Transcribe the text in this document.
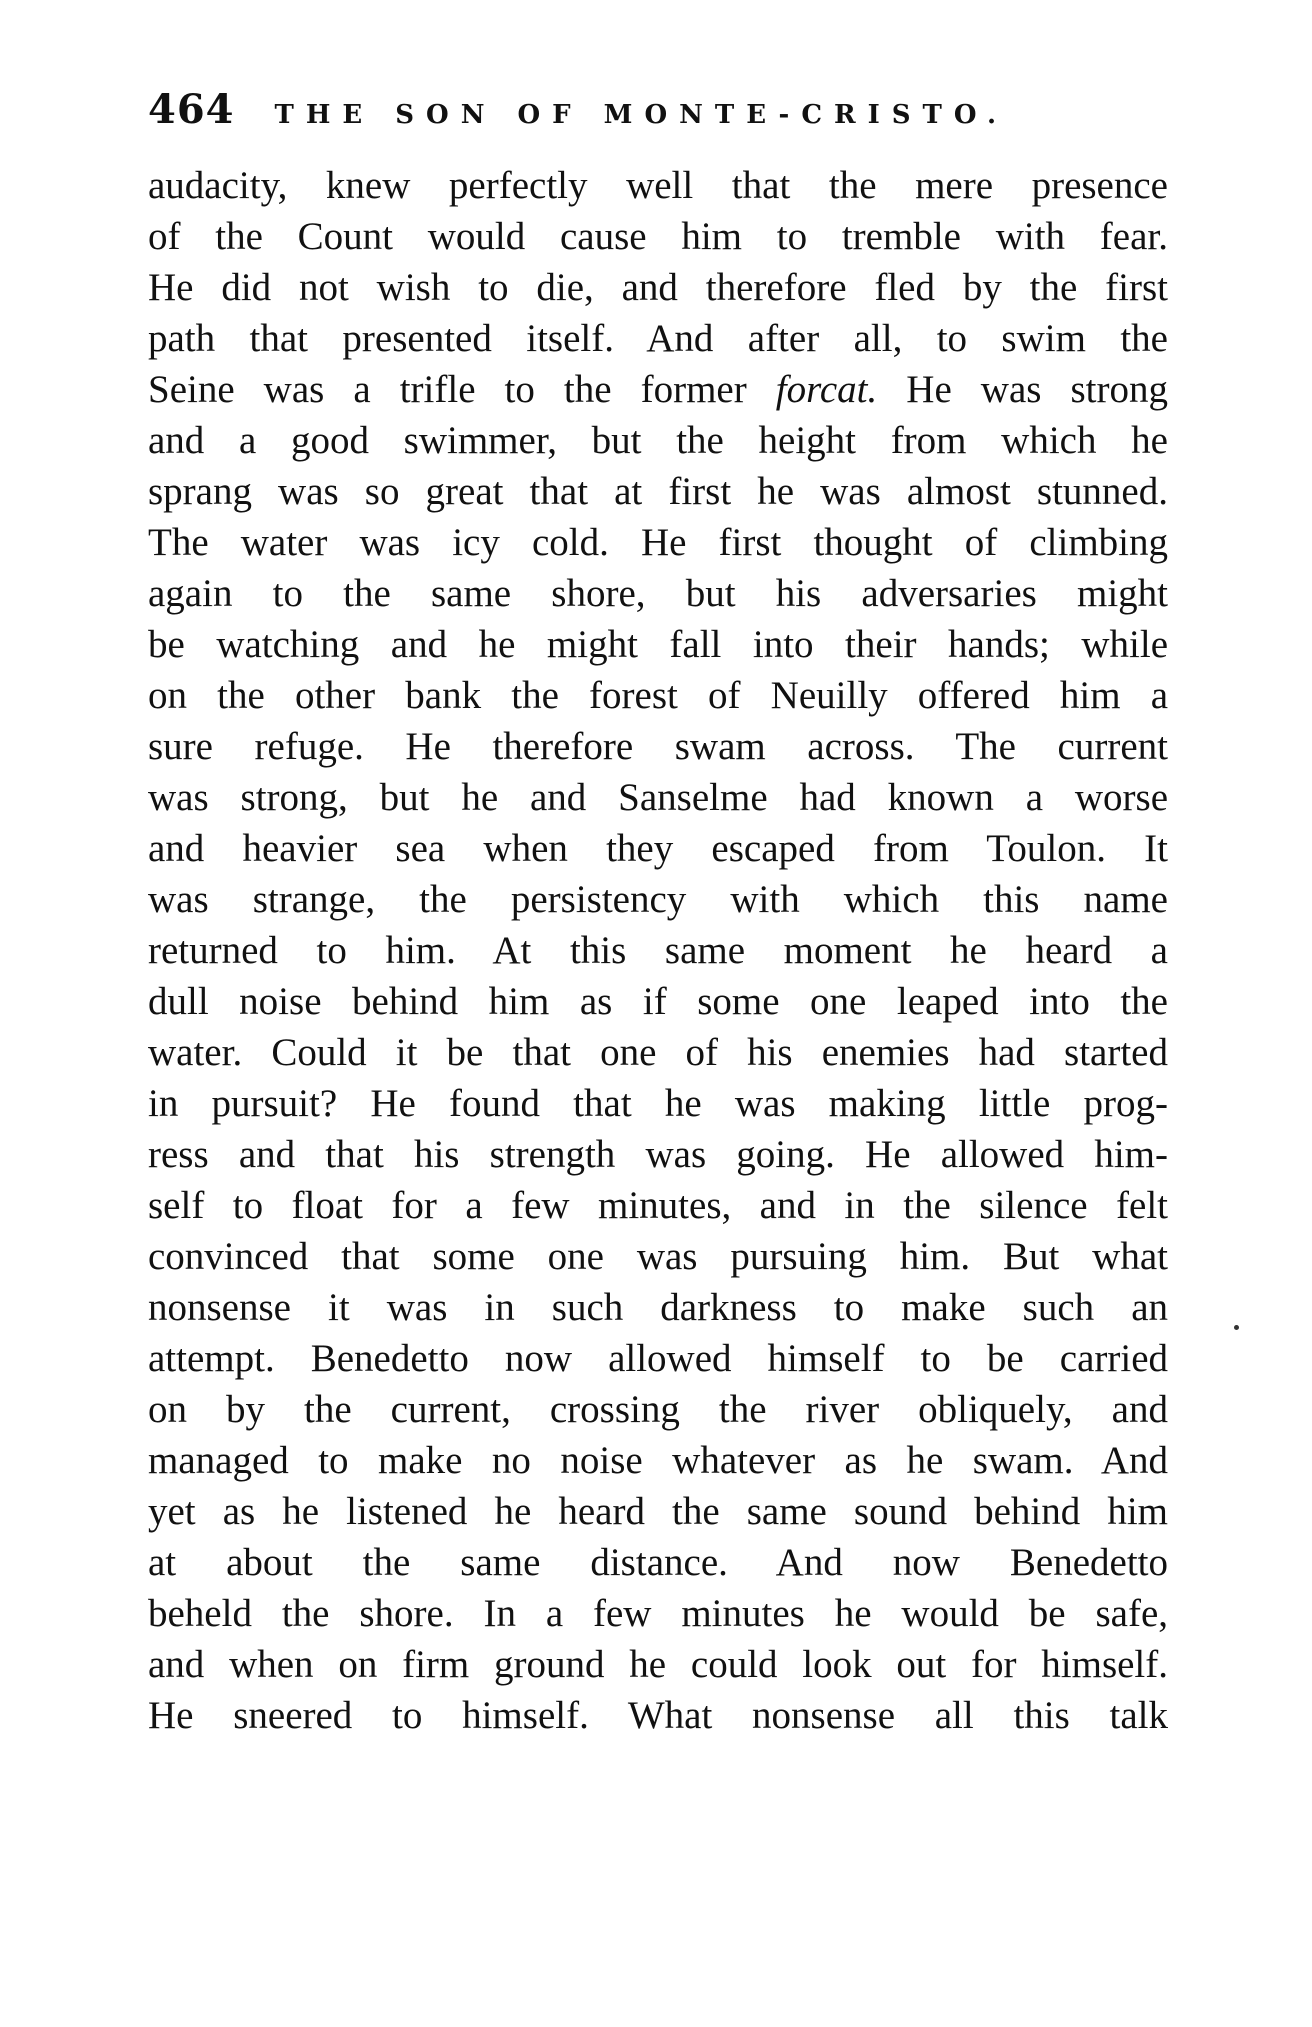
464 THE SON OF MONTE-CRISTO.
audacity, knew perfectly well that the mere presence
of the Count would cause him to tremble with fear.
He did not wish to die, and therefore fled by the first
path that presented itself. And after all, to swim the
Seine was a trifle to the former forcat. He was strong
and a good swimmer, but the height from which he
sprang was so great that at first he was almost stunned.
The water was icy cold. He first thought of climbing
again to the same shore, but his adversaries might
be watching and he might fall into their hands; while
on the other bank the forest of Neuilly offered him a
sure refuge. He therefore swam across. The current
was strong, but he and Sanselme had known a worse
and heavier sea when they escaped from Toulon. It
was strange, the persistency with which this name
returned to him. At this same moment he heard a
dull noise behind him as if some one leaped into the
water. Could it be that one of his enemies had started
in pursuit? He found that he was making little prog-
ress and that his strength was going. He allowed him-
self to float for a few minutes, and in the silence felt
convinced that some one was pursuing him. But what
nonsense it was in such darkness to make such an
attempt. Benedetto now allowed himself to be carried
on by the current, crossing the river obliquely, and
managed to make no noise whatever as he swam. And
yet as he listened he heard the same sound behind him
at about the same distance. And now Benedetto
beheld the shore. In a few minutes he would be safe,
and when on firm ground he could look out for himself.
He sneered to himself. What nonsense all this talk
